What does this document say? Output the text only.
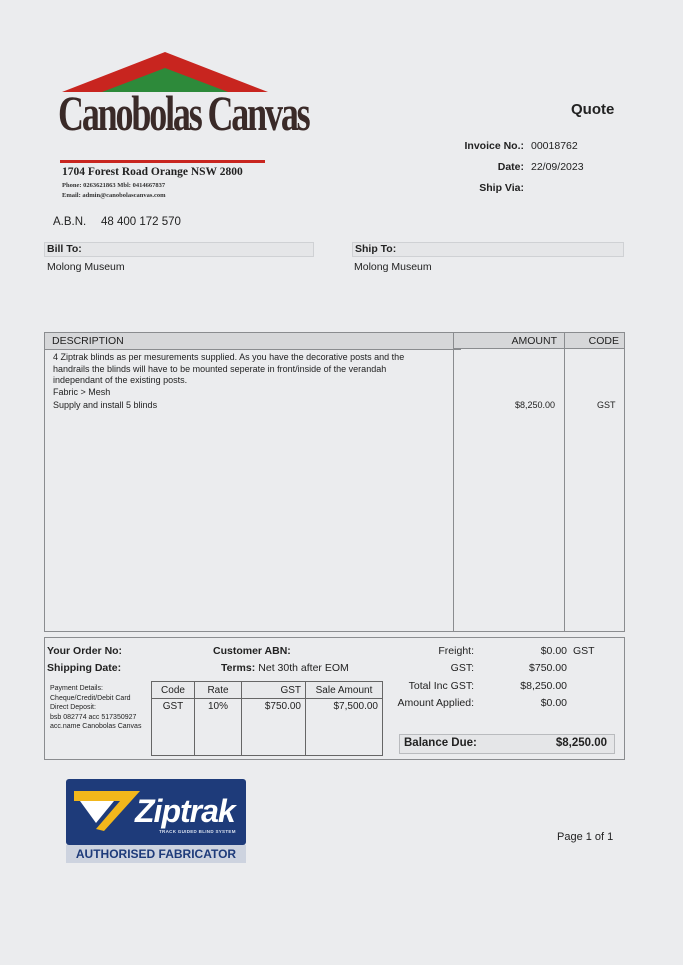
Canobolas Canvas
1704 Forest Road Orange NSW 2800
Phone: 0263621863 Mbl: 0414667837
Email: admin@canobolascanvas.com
A.B.N. 48 400 172 570
Quote
Invoice No.: 00018762
Date: 22/09/2023
Ship Via:
Bill To:
Molong Museum
Ship To:
Molong Museum
DESCRIPTION	AMOUNT	CODE
4 Ziptrak blinds as per mesurements supplied. As you have the decorative posts and the
handrails the blinds will have to be mounted seperate in front/inside of the verandah
independant of the existing posts.
Fabric > Mesh
Supply and install 5 blinds	$8,250.00	GST
Your Order No:
Shipping Date:
Customer ABN:
Terms: Net 30th after EOM
Payment Details:
Cheque/Credit/Debit Card
Direct Deposit:
bsb 082774 acc 517350927
acc.name Canobolas Canvas
Code	Rate	GST	Sale Amount
GST	10%	$750.00	$7,500.00
Freight:	$0.00 GST
GST:	$750.00
Total Inc GST:	$8,250.00
Amount Applied:	$0.00
Balance Due:	$8,250.00
Ziptrak
TRACK GUIDED BLIND SYSTEM
AUTHORISED FABRICATOR
Page 1 of 1
